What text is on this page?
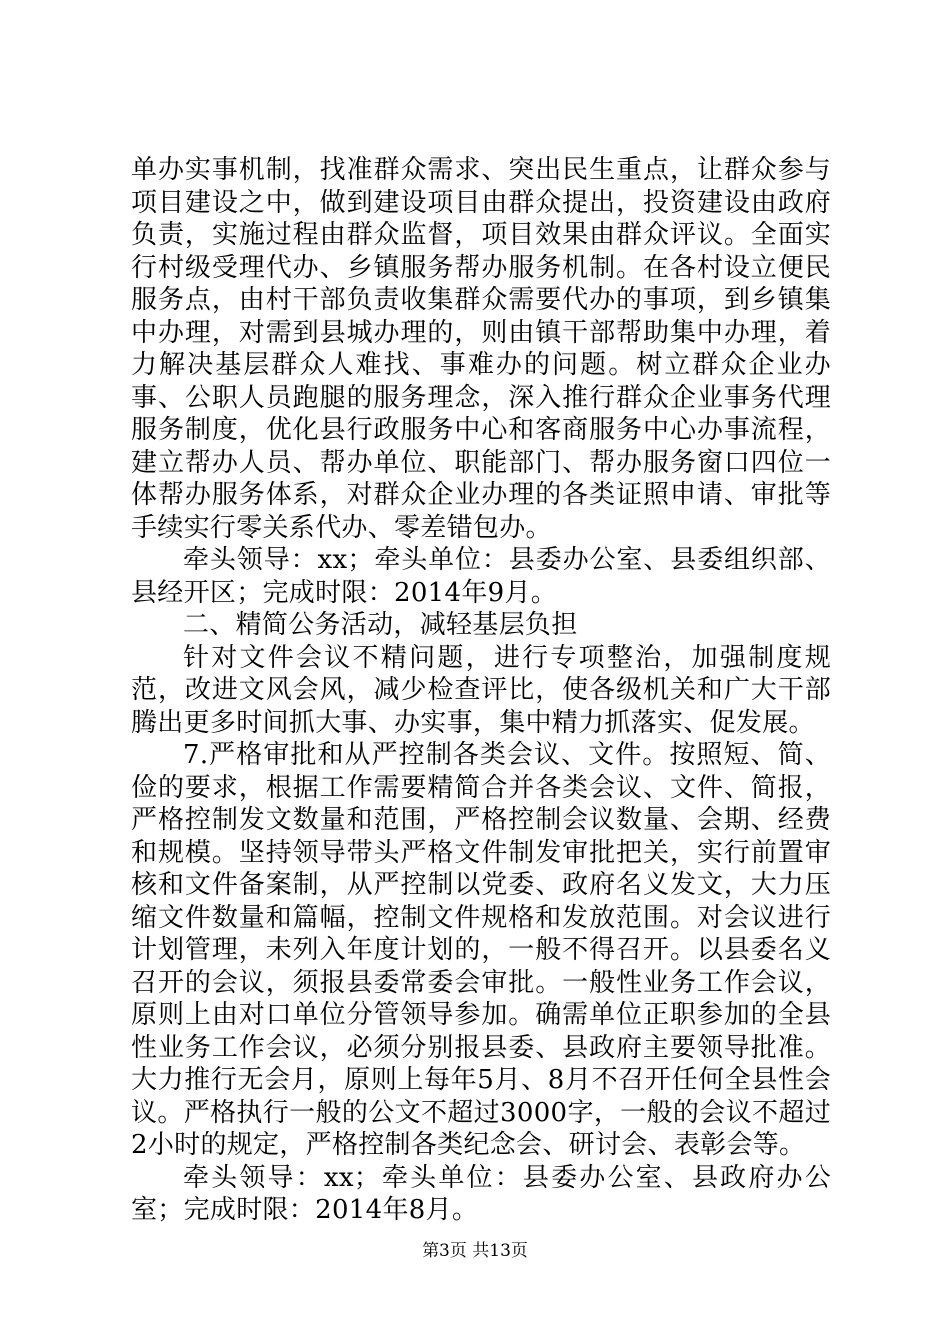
单办实事机制，找准群众需求、突出民生重点，让群众参与项目建设之中，做到建设项目由群众提出，投资建设由政府负责，实施过程由群众监督，项目效果由群众评议。全面实行村级受理代办、乡镇服务帮办服务机制。在各村设立便民服务点，由村干部负责收集群众需要代办的事项，到乡镇集中办理，对需到县城办理的，则由镇干部帮助集中办理，着力解决基层群众人难找、事难办的问题。树立群众企业办事、公职人员跑腿的服务理念，深入推行群众企业事务代理服务制度，优化县行政服务中心和客商服务中心办事流程，建立帮办人员、帮办单位、职能部门、帮办服务窗口四位一体帮办服务体系，对群众企业办理的各类证照申请、审批等手续实行零关系代办、零差错包办。

牵头领导：xx；牵头单位：县委办公室、县委组织部、县经开区；完成时限：2014年9月。

二、精简公务活动，减轻基层负担

针对文件会议不精问题，进行专项整治，加强制度规范，改进文风会风，减少检查评比，使各级机关和广大干部腾出更多时间抓大事、办实事，集中精力抓落实、促发展。

7.严格审批和从严控制各类会议、文件。按照短、简、俭的要求，根据工作需要精简合并各类会议、文件、简报，严格控制发文数量和范围，严格控制会议数量、会期、经费和规模。坚持领导带头严格文件制发审批把关，实行前置审核和文件备案制，从严控制以党委、政府名义发文，大力压缩文件数量和篇幅，控制文件规格和发放范围。对会议进行计划管理，未列入年度计划的，一般不得召开。以县委名义召开的会议，须报县委常委会审批。一般性业务工作会议，原则上由对口单位分管领导参加。确需单位正职参加的全县性业务工作会议，必须分别报县委、县政府主要领导批准。大力推行无会月，原则上每年5月、8月不召开任何全县性会议。严格执行一般的公文不超过3000字，一般的会议不超过2小时的规定，严格控制各类纪念会、研讨会、表彰会等。

牵头领导：xx；牵头单位：县委办公室、县政府办公室；完成时限：2014年8月。

第3页 共13页
